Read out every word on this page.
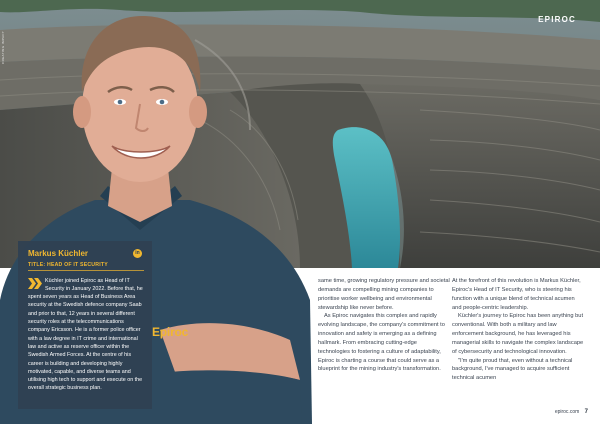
EPIROC
CREATING IMPACT
Epiroc
Markus Küchler	in
TITLE: HEAD OF IT SECURITY
Küchler joined Epiroc as Head of IT Security in January 2022. Before that, he spent seven years as Head of Business Area security at the Swedish defence company Saab and prior to that, 12 years in several different security roles at the telecommunications company Ericsson. He is a former police officer with a law degree in IT crime and international law and active as reserve officer within the Swedish Armed Forces. At the centre of his career is building and developing highly motivated, capable, and diverse teams and utilising high tech to support and execute on the overall strategic business plan.

same time, growing regulatory pressure and societal demands are compelling mining companies to prioritise worker wellbeing and environmental stewardship like never before.

As Epiroc navigates this complex and rapidly evolving landscape, the company's commitment to innovation and safety is emerging as a defining hallmark. From embracing cutting-edge technologies to fostering a culture of adaptability, Epiroc is charting a course that could serve as a blueprint for the mining industry's transformation.

At the forefront of this revolution is Markus Küchler, Epiroc's Head of IT Security, who is steering his function with a unique blend of technical acumen and people-centric leadership.

Küchler's journey to Epiroc has been anything but conventional. With both a military and law enforcement background, he has leveraged his managerial skills to navigate the complex landscape of cybersecurity and technological innovation.

"I'm quite proud that, even without a technical background, I've managed to acquire sufficient technical acumen

epiroc.com 7
